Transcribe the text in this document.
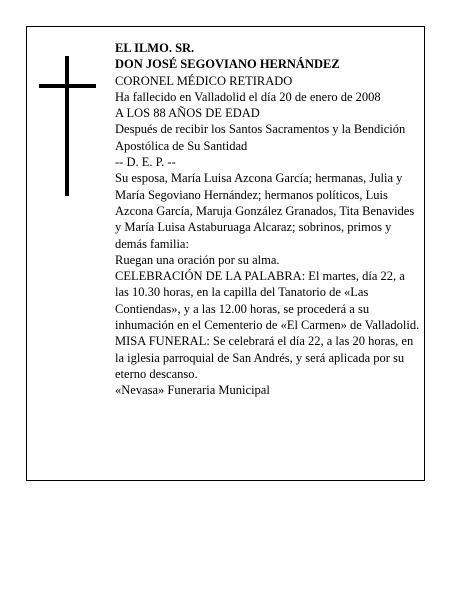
EL ILMO. SR.

DON JOSÉ SEGOVIANO HERNÁNDEZ

CORONEL MÉDICO RETIRADO

Ha fallecido en Valladolid el día 20 de enero de 2008

A LOS 88 AÑOS DE EDAD

Después de recibir los Santos Sacramentos y la Bendición Apostólica de Su Santidad

-- D. E. P. --

Su esposa, María Luisa Azcona García; hermanas, Julia y María Segoviano Hernández; hermanos políticos, Luis Azcona García, Maruja González Granados, Tita Benavides y María Luisa Astaburuaga Alcaraz; sobrinos, primos y demás familia:

Ruegan una oración por su alma.

CELEBRACIÓN DE LA PALABRA: El martes, día 22, a las 10.30 horas, en la capilla del Tanatorio de «Las Contiendas», y a las 12.00 horas, se procederá a su inhumación en el Cementerio de «El Carmen» de Valladolid.

MISA FUNERAL: Se celebrará el día 22, a las 20 horas, en la iglesia parroquial de San Andrés, y será aplicada por su eterno descanso.

«Nevasa» Funeraria Municipal
